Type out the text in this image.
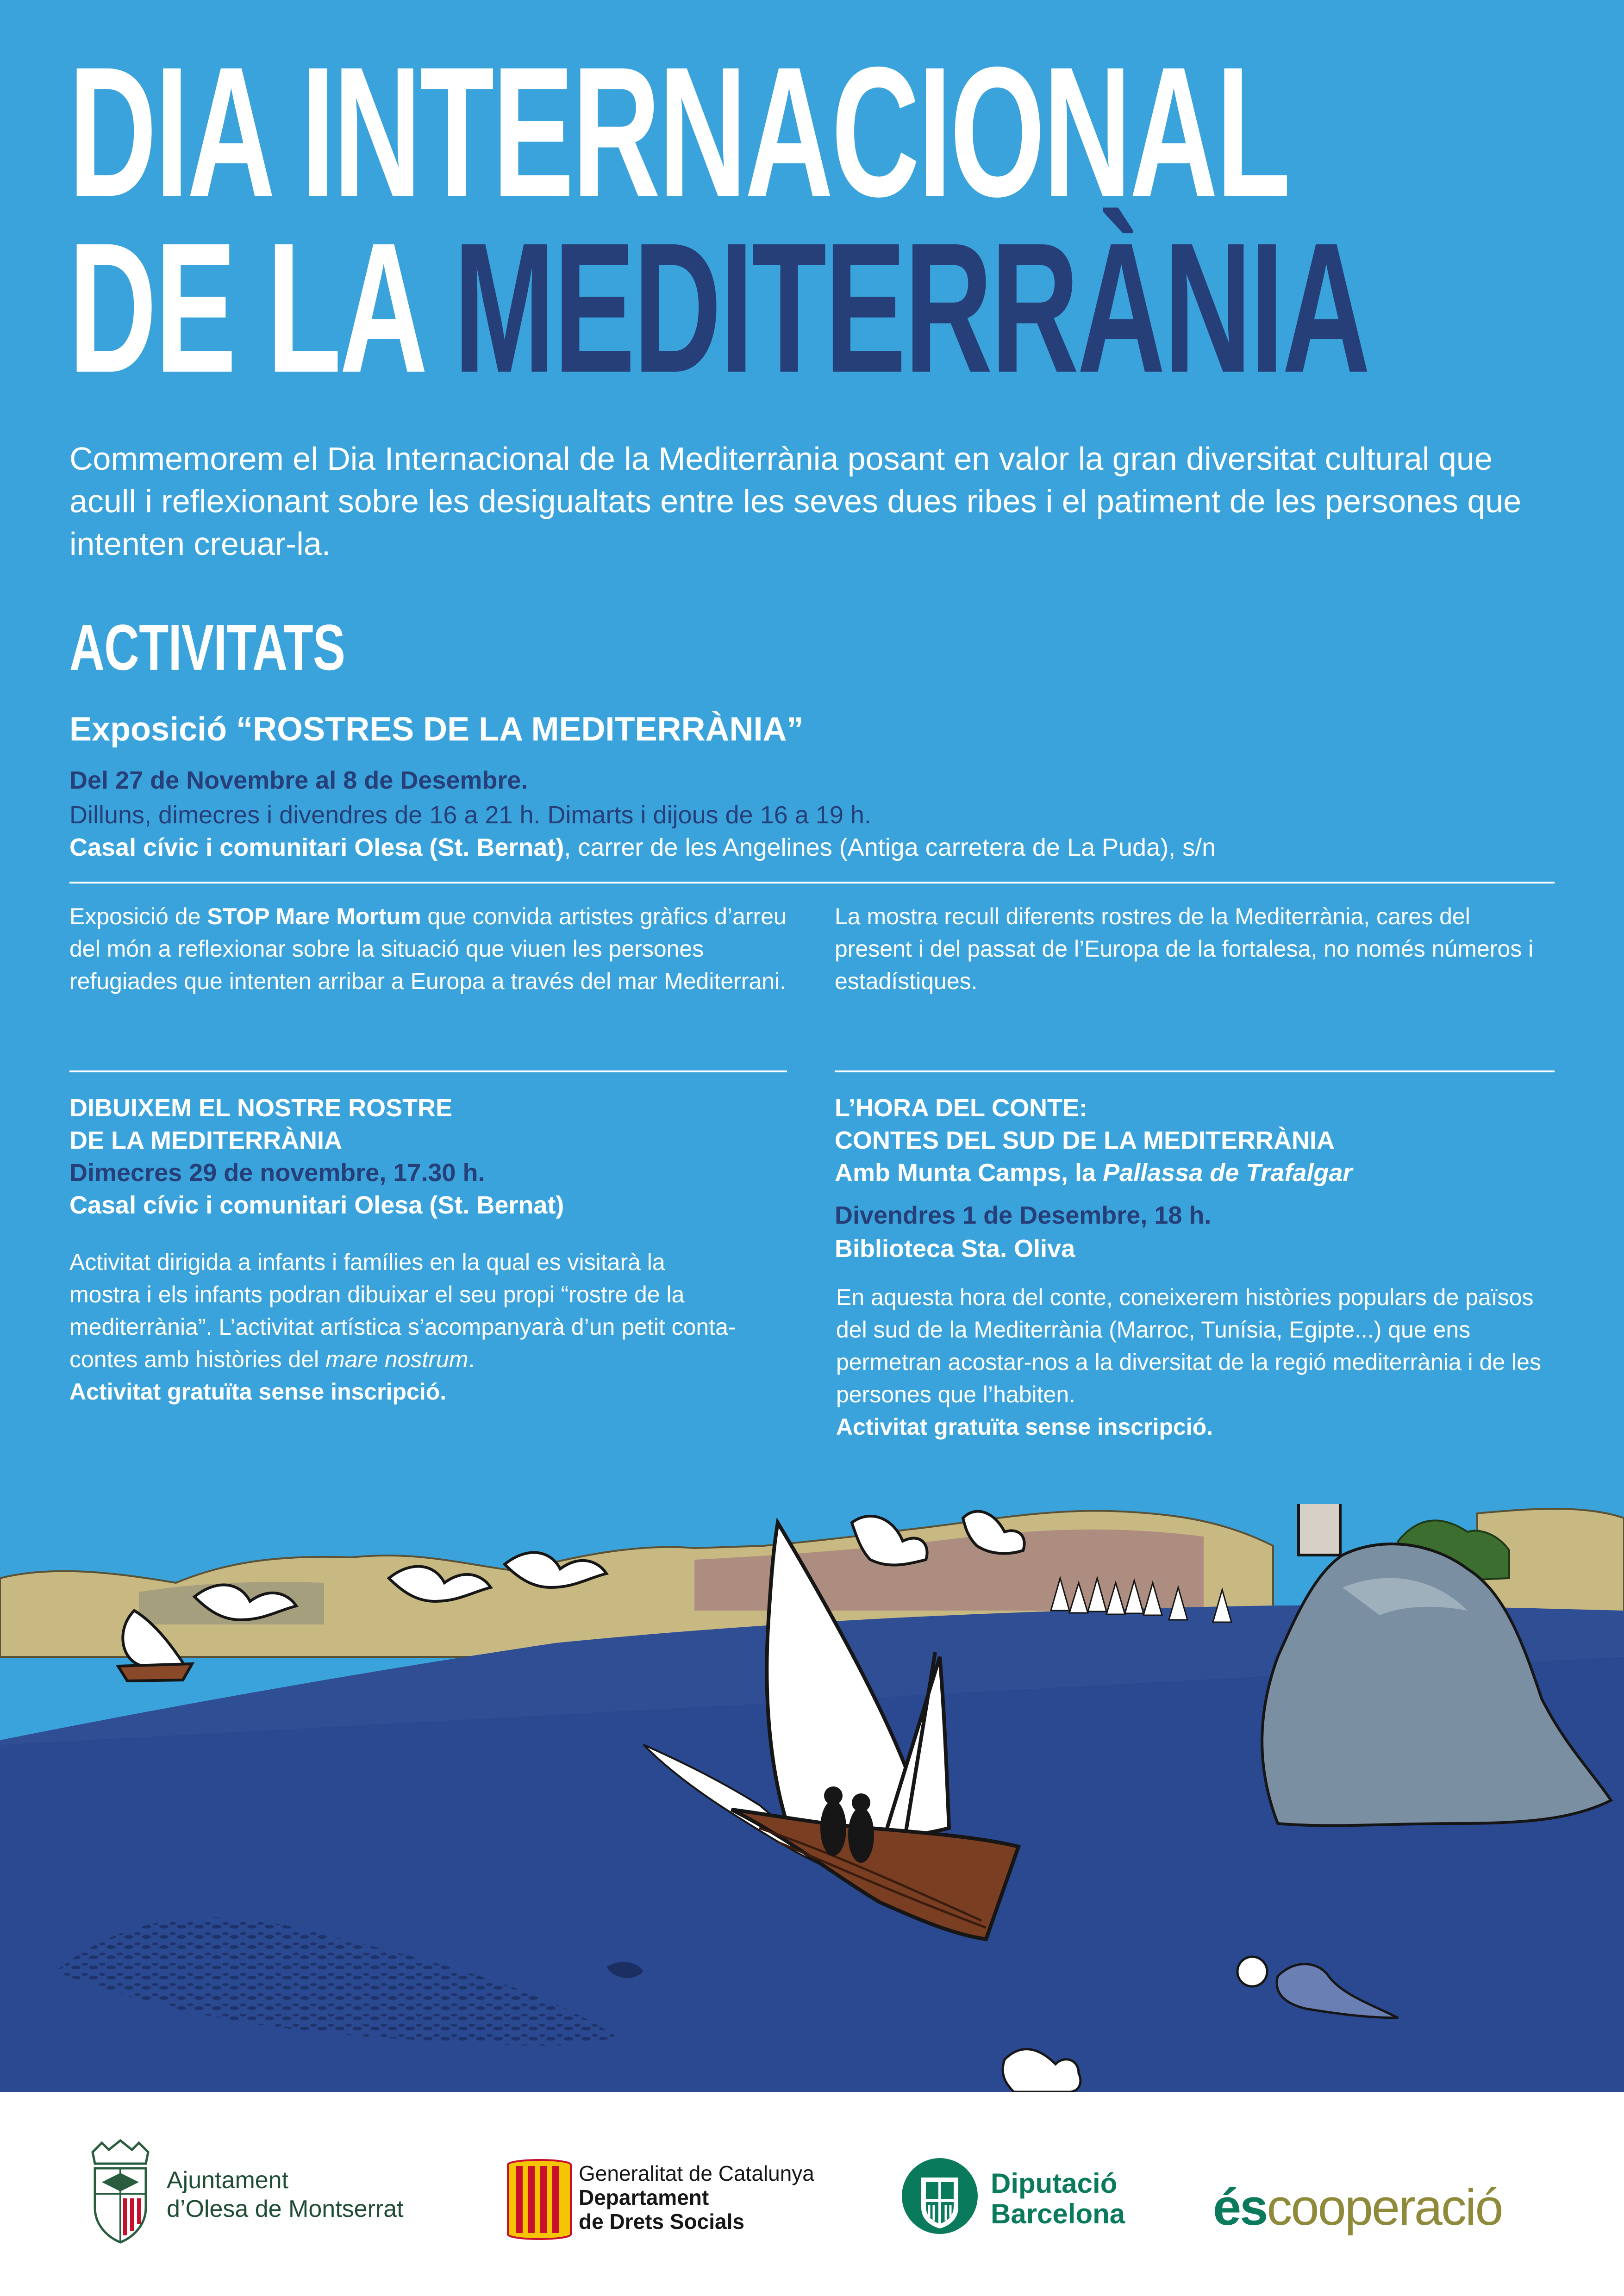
DIA INTERNACIONAL
DE LA MEDITERRÀNIA

Commemorem el Dia Internacional de la Mediterrània posant en valor la gran diversitat cultural que acull i reflexionant sobre les desigualtats entre les seves dues ribes i el patiment de les persones que intenten creuar-la.

ACTIVITATS
Exposició “ROSTRES DE LA MEDITERRÀNIA”
Del 27 de Novembre al 8 de Desembre.
Dilluns, dimecres i divendres de 16 a 21 h. Dimarts i dijous de 16 a 19 h.
Casal cívic i comunitari Olesa (St. Bernat), carrer de les Angelines (Antiga carretera de La Puda), s/n

Exposició de STOP Mare Mortum que convida artistes gràfics d’arreu del món a reflexionar sobre la situació que viuen les persones refugiades que intenten arribar a Europa a través del mar Mediterrani.

La mostra recull diferents rostres de la Mediterrània, cares del present i del passat de l’Europa de la fortalesa, no només números i estadístiques.

DIBUIXEM EL NOSTRE ROSTRE
DE LA MEDITERRÀNIA
Dimecres 29 de novembre, 17.30 h.
Casal cívic i comunitari Olesa (St. Bernat)

Activitat dirigida a infants i famílies en la qual es visitarà la mostra i els infants podran dibuixar el seu propi “rostre de la mediterrània”. L’activitat artística s’acompanyarà d’un petit conta-contes amb històries del mare nostrum.
Activitat gratuïta sense inscripció.

L’HORA DEL CONTE:
CONTES DEL SUD DE LA MEDITERRÀNIA
Amb Munta Camps, la Pallassa de Trafalgar
Divendres 1 de Desembre, 18 h.
Biblioteca Sta. Oliva

En aquesta hora del conte, coneixerem històries populars de països del sud de la Mediterrània (Marroc, Tunísia, Egipte...) que ens permetran acostar-nos a la diversitat de la regió mediterrània i de les persones que l’habiten.
Activitat gratuïta sense inscripció.

Ajuntament
d’Olesa de Montserrat
Generalitat de Catalunya
Departament
de Drets Socials
Diputació
Barcelona éscooperació
